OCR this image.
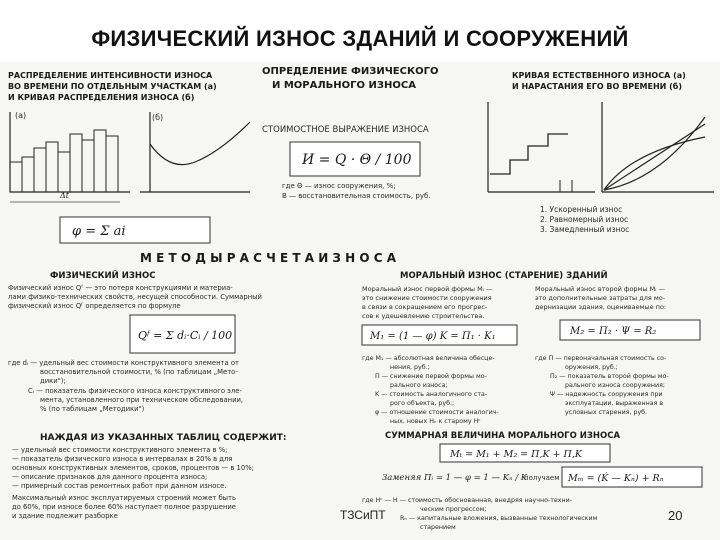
ФИЗИЧЕСКИЙ ИЗНОС ЗДАНИЙ И СООРУЖЕНИЙ
РАСПРЕДЕЛЕНИЕ ИНТЕНСИВНОСТИ ИЗНОСА
ВО ВРЕМЕНИ ПО ОТДЕЛЬНЫМ УЧАСТКАМ (а)
И КРИВАЯ РАСПРЕДЕЛЕНИЯ ИЗНОСА (б)
(а)
Δt
(б)
φ = Σ ai
ОПРЕДЕЛЕНИЕ ФИЗИЧЕСКОГО
И МОРАЛЬНОГО ИЗНОСА
СТОИМОСТНОЕ ВЫРАЖЕНИЕ ИЗНОСА
И = Q · Θ / 100
где Θ — износ сооружения, %;
В — восстановительная стоимость, руб.
КРИВАЯ ЕСТЕСТВЕННОГО ИЗНОСА (а)
И НАРАСТАНИЯ ЕГО ВО ВРЕМЕНИ (б)
1. Ускоренный износ
2. Равномерный износ
3. Замедленный износ
М Е Т О Д Ы Р А С Ч Е Т А И З Н О С А
ФИЗИЧЕСКИЙ ИЗНОС
Физический износ Qᶠ — это потеря конструкциями и материа-
лами физико-технических свойств, несущей способности. Суммарный
физический износ Qᶠ определяется по формуле
Qᶠ = Σ dᵢ·Cᵢ / 100
где dᵢ — удельный вес стоимости конструктивного элемента от
восстановительной стоимости, % (по таблицам „Мето-
дики");
Cᵢ — показатель физического износа конструктивного эле-
мента, установленного при техническом обследовании,
% (по таблицам „Методики")
НАЖДАЯ ИЗ УКАЗАННЫХ ТАБЛИЦ СОДЕРЖИТ:
— удельный вес стоимости конструктивного элемента в %;
— показатель физического износа в интервалах в 20% в для
основных конструктивных элементов, сроков, процентов — в 10%;
— описание признаков для данного процента износа;
— примерный состав ремонтных работ при данном износе.
Максимальный износ эксплуатируемых строений может быть
до 60%, при износе более 60% наступает полное разрушение
и здание подлежит разборке
МОРАЛЬНЫЙ ИЗНОС (СТАРЕНИЕ) ЗДАНИЙ
Моральный износ первой формы Mᵢ —
это снижение стоимости сооружения
в связи в сокращением его прогрес-
сов к удешевлению строительства.
M₁ = (1 — φ) K = Π₁ · K₁
Моральный износ второй формы Mᵢ —
это дополнительные затраты для мо-
дернизации здания, оцениваемые по:
M₂ = Π₂ · Ψ = R₂
где M₁ — абсолютная величина обесце-
нения, руб.;
Π — снижение первой формы мо-
рального износа;
K — стоимость аналогичного ста-
рого объекта, руб.;
φ — отношение стоимости аналогич-
ных, новых Hₙ к старому Hᶜ
где Π — первоначальная стоимость со-
оружения, руб.;
Π₂ — показатель второй формы мо-
рального износа сооружения;
Ψ — надежность сооружения при
эксплуатации, выраженная в
условных старения, руб.
СУММАРНАЯ ВЕЛИЧИНА МОРАЛЬНОГО ИЗНОСА
Mₜ = M₁ + M₂ = Π,K + Π,K
Заменяя Πᵢ = 1 — φ = 1 — Kₙ / K
получаем Mₘ = (Ḱ — Kₙ) + Rₙ
где Hᶜ — H — стоимость обоснованная, внедряя научно-техни-
ческим прогрессом;
Rₙ — капитальные вложения, вызванные технологическим
старением
ТЗСиПТ	20
